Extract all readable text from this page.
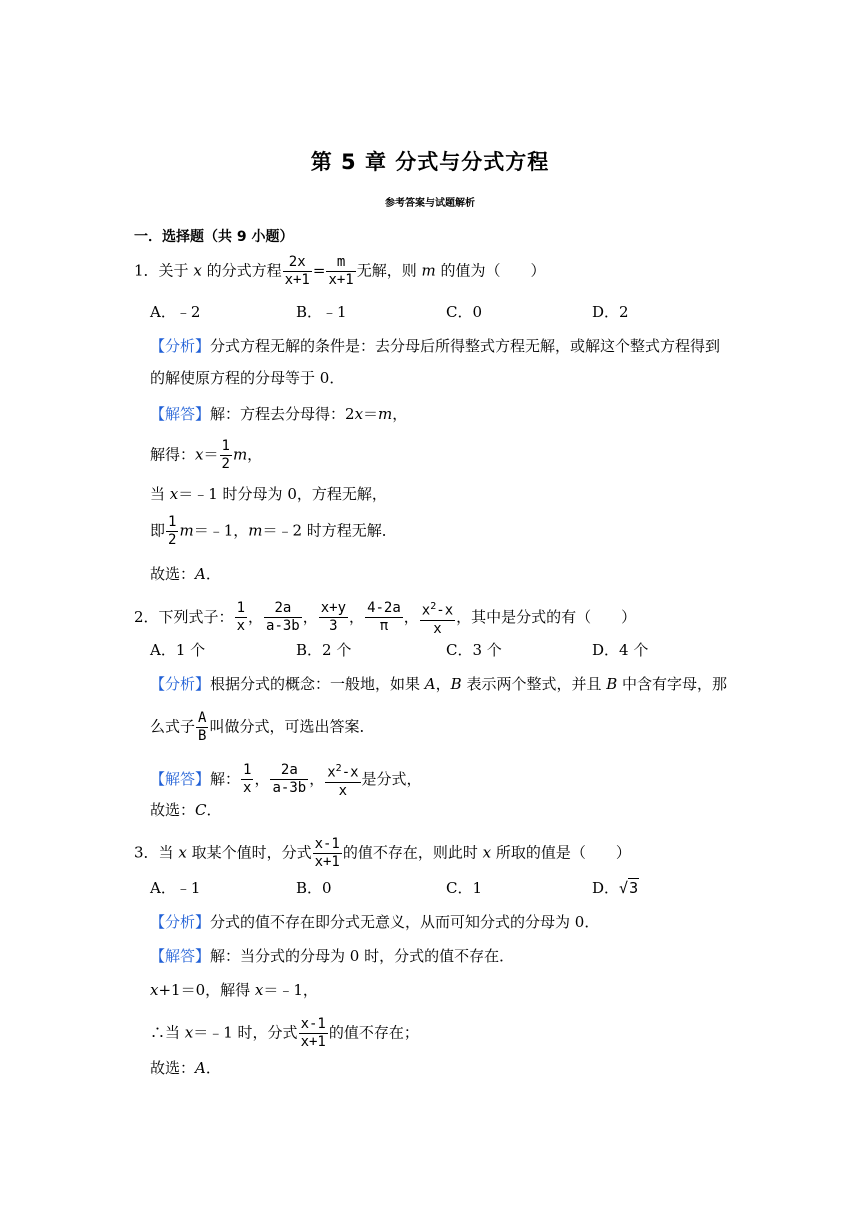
第 5 章 分式与分式方程
参考答案与试题解析
一．选择题（共 9 小题）
1．关于 x 的分式方程 $\frac{2x}{x+1} = \frac{m}{x+1}$ 无解，则 m 的值为（　　）
A．﹣2	B．﹣1	C．0	D．2
【分析】分式方程无解的条件是：去分母后所得整式方程无解，或解这个整式方程得到
的解使原方程的分母等于 0．
【解答】解：方程去分母得：2x＝m，
解得：$x= \frac{1}{2}$ m，
当 x＝﹣1 时分母为 0，方程无解，
即 $\frac{1}{2}$ m＝﹣1，m＝﹣2 时方程无解．
故选：A．
2．下列式子： $\frac{1}{x}$ ， $\frac{2a}{a-3b}$ ， $\frac{x+y}{3}$ ， $\frac{4-2a}{\pi}$ ， $\frac{x^2-x}{x}$ ，其中是分式的有（　　）
A．1 个	B．2 个	C．3 个	D．4 个
【分析】根据分式的概念：一般地，如果 A，B 表示两个整式，并且 B 中含有字母，那
么式子 $\frac{A}{B}$ 叫做分式，可选出答案．
【解答】解： $\frac{1}{x}$ ， $\frac{2a}{a-3b}$ ， $\frac{x^2-x}{x}$ 是分式，
故选：C．
3．当 x 取某个值时，分式 $\frac{x-1}{x+1}$ 的值不存在，则此时 x 所取的值是（　　）
A．﹣1	B．0	C．1	D．√3
【分析】分式的值不存在即分式无意义，从而可知分式的分母为 0．
【解答】解：当分式的分母为 0 时，分式的值不存在．
x+1＝0，解得 x＝﹣1，
∴当 x＝﹣1 时，分式 $\frac{x-1}{x+1}$ 的值不存在；
故选：A．
